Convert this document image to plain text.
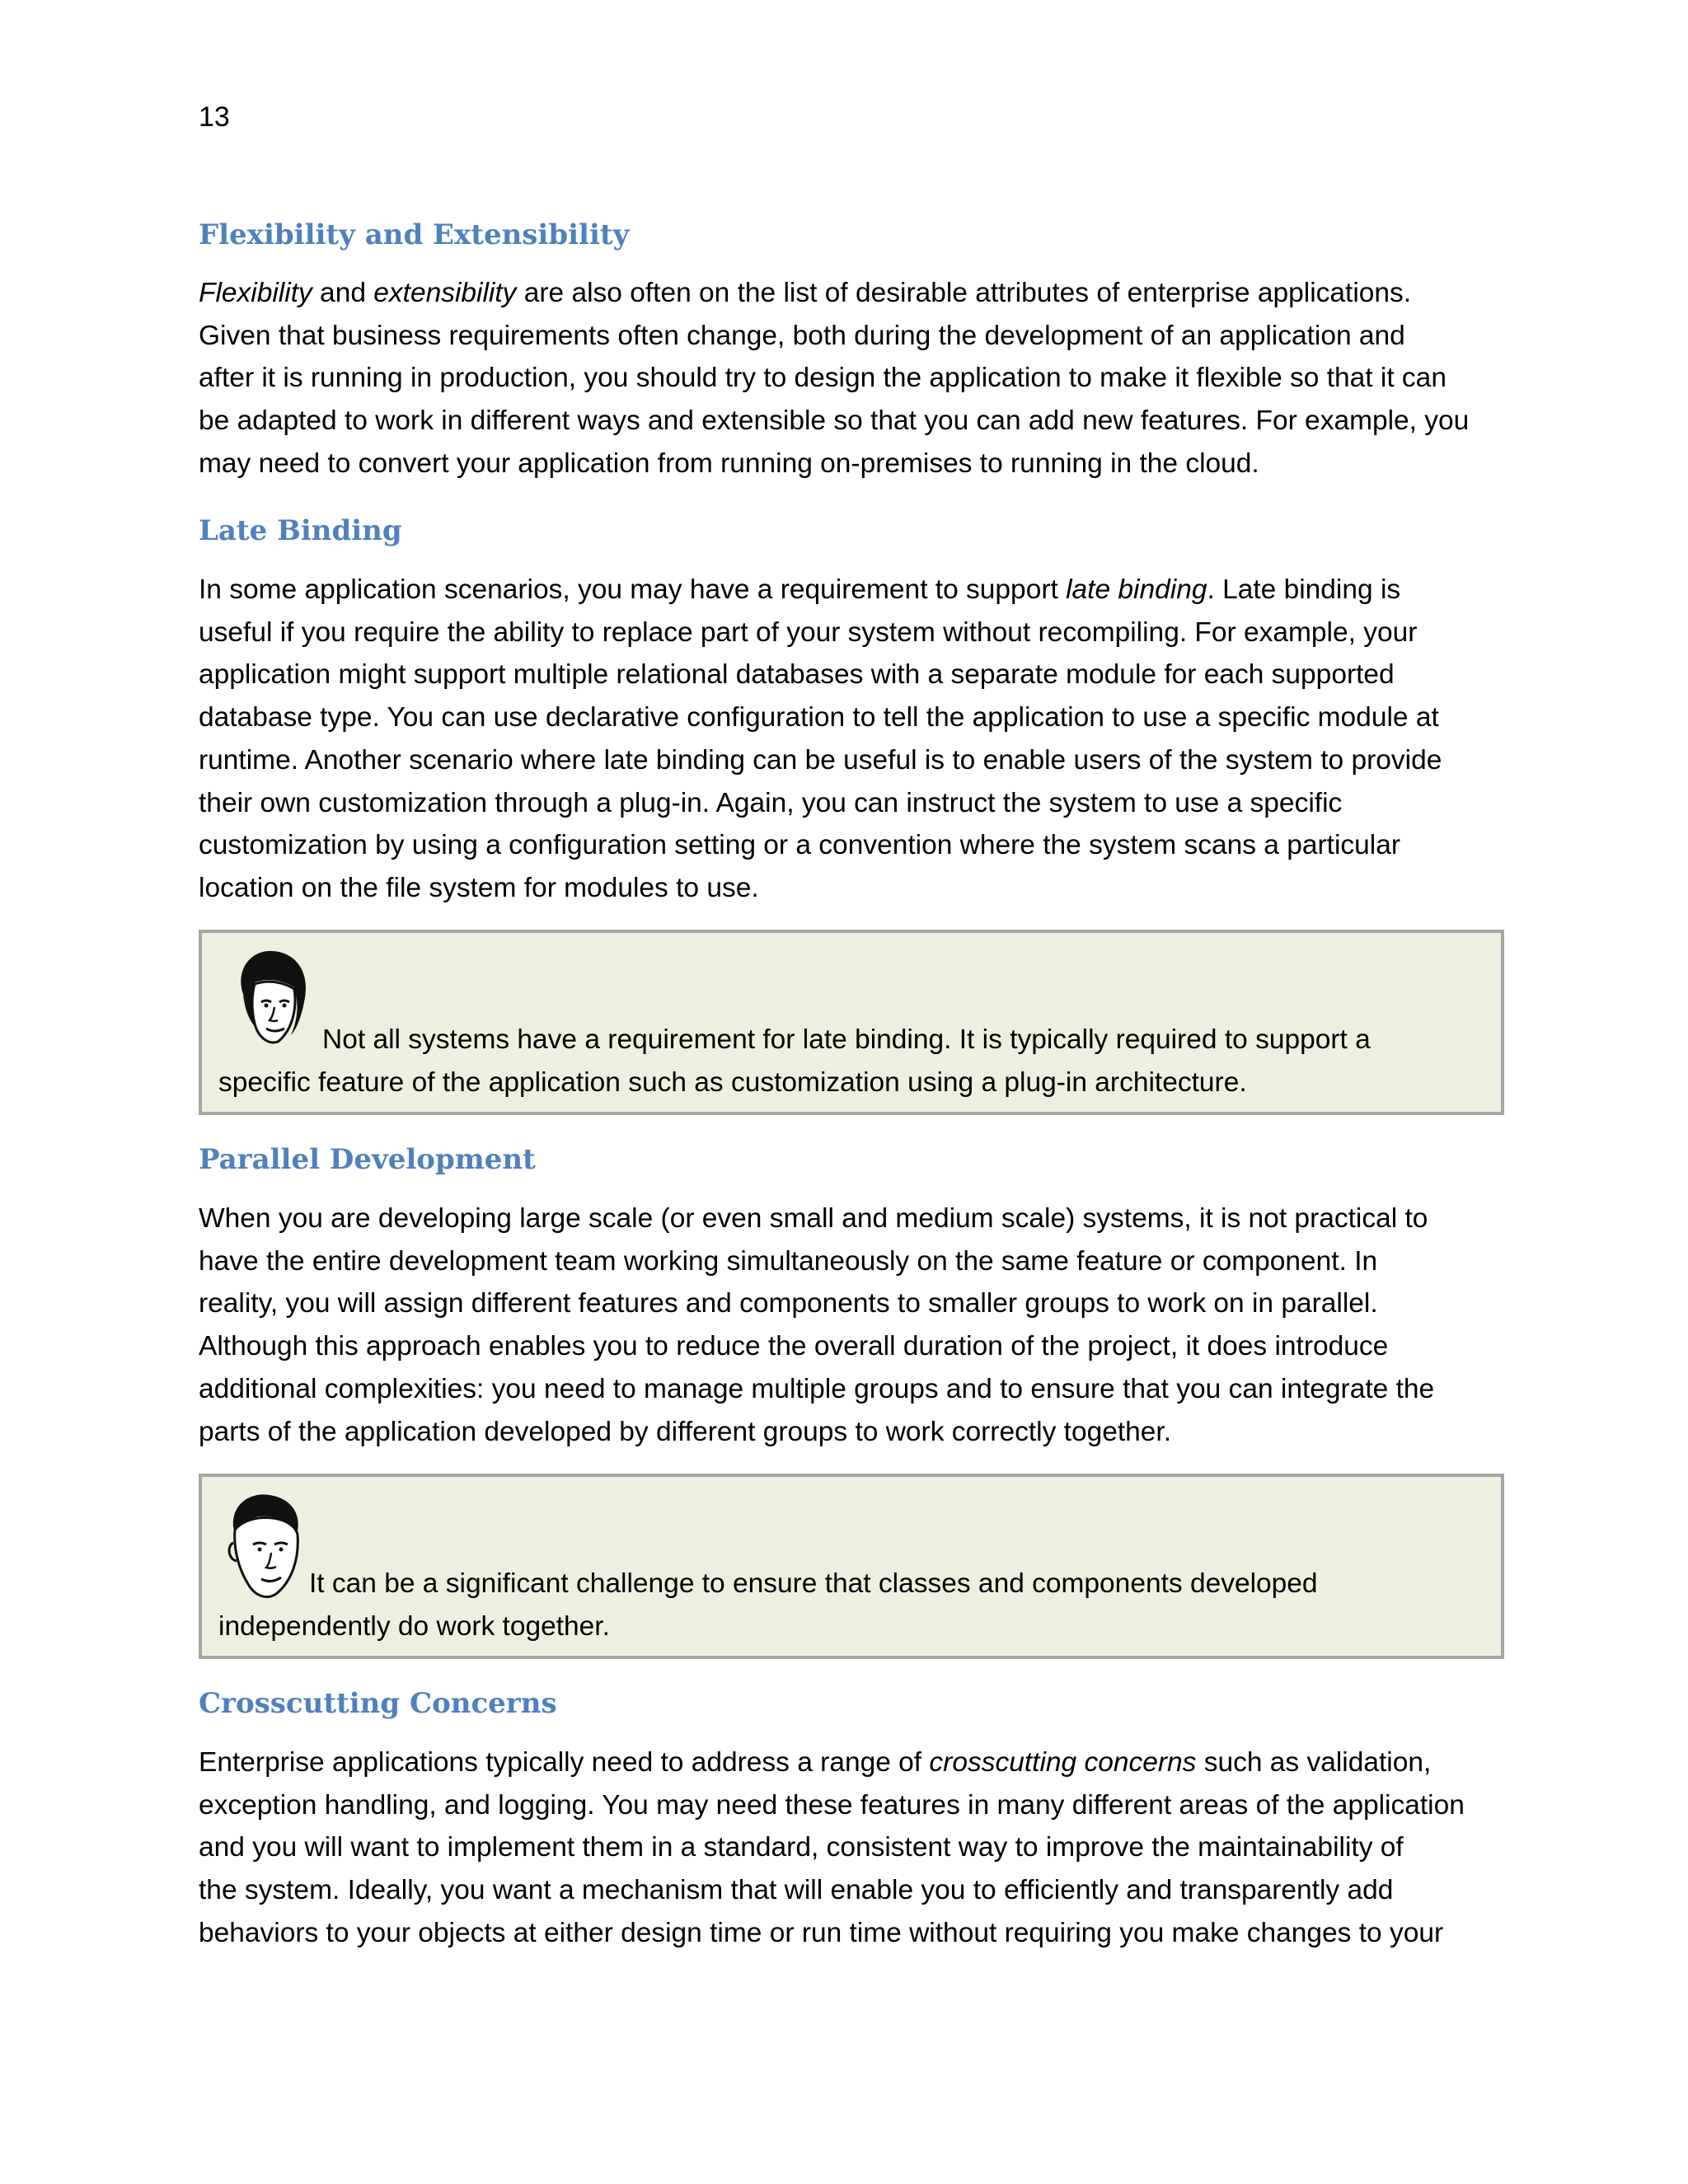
13
Flexibility and Extensibility
Flexibility and extensibility are also often on the list of desirable attributes of enterprise applications.
Given that business requirements often change, both during the development of an application and
after it is running in production, you should try to design the application to make it flexible so that it can
be adapted to work in different ways and extensible so that you can add new features. For example, you
may need to convert your application from running on-premises to running in the cloud.
Late Binding
In some application scenarios, you may have a requirement to support late binding. Late binding is
useful if you require the ability to replace part of your system without recompiling. For example, your
application might support multiple relational databases with a separate module for each supported
database type. You can use declarative configuration to tell the application to use a specific module at
runtime. Another scenario where late binding can be useful is to enable users of the system to provide
their own customization through a plug-in. Again, you can instruct the system to use a specific
customization by using a configuration setting or a convention where the system scans a particular
location on the file system for modules to use.
Not all systems have a requirement for late binding. It is typically required to support a
specific feature of the application such as customization using a plug-in architecture.
Parallel Development
When you are developing large scale (or even small and medium scale) systems, it is not practical to
have the entire development team working simultaneously on the same feature or component. In
reality, you will assign different features and components to smaller groups to work on in parallel.
Although this approach enables you to reduce the overall duration of the project, it does introduce
additional complexities: you need to manage multiple groups and to ensure that you can integrate the
parts of the application developed by different groups to work correctly together.
It can be a significant challenge to ensure that classes and components developed
independently do work together.
Crosscutting Concerns
Enterprise applications typically need to address a range of crosscutting concerns such as validation,
exception handling, and logging. You may need these features in many different areas of the application
and you will want to implement them in a standard, consistent way to improve the maintainability of
the system. Ideally, you want a mechanism that will enable you to efficiently and transparently add
behaviors to your objects at either design time or run time without requiring you make changes to your
